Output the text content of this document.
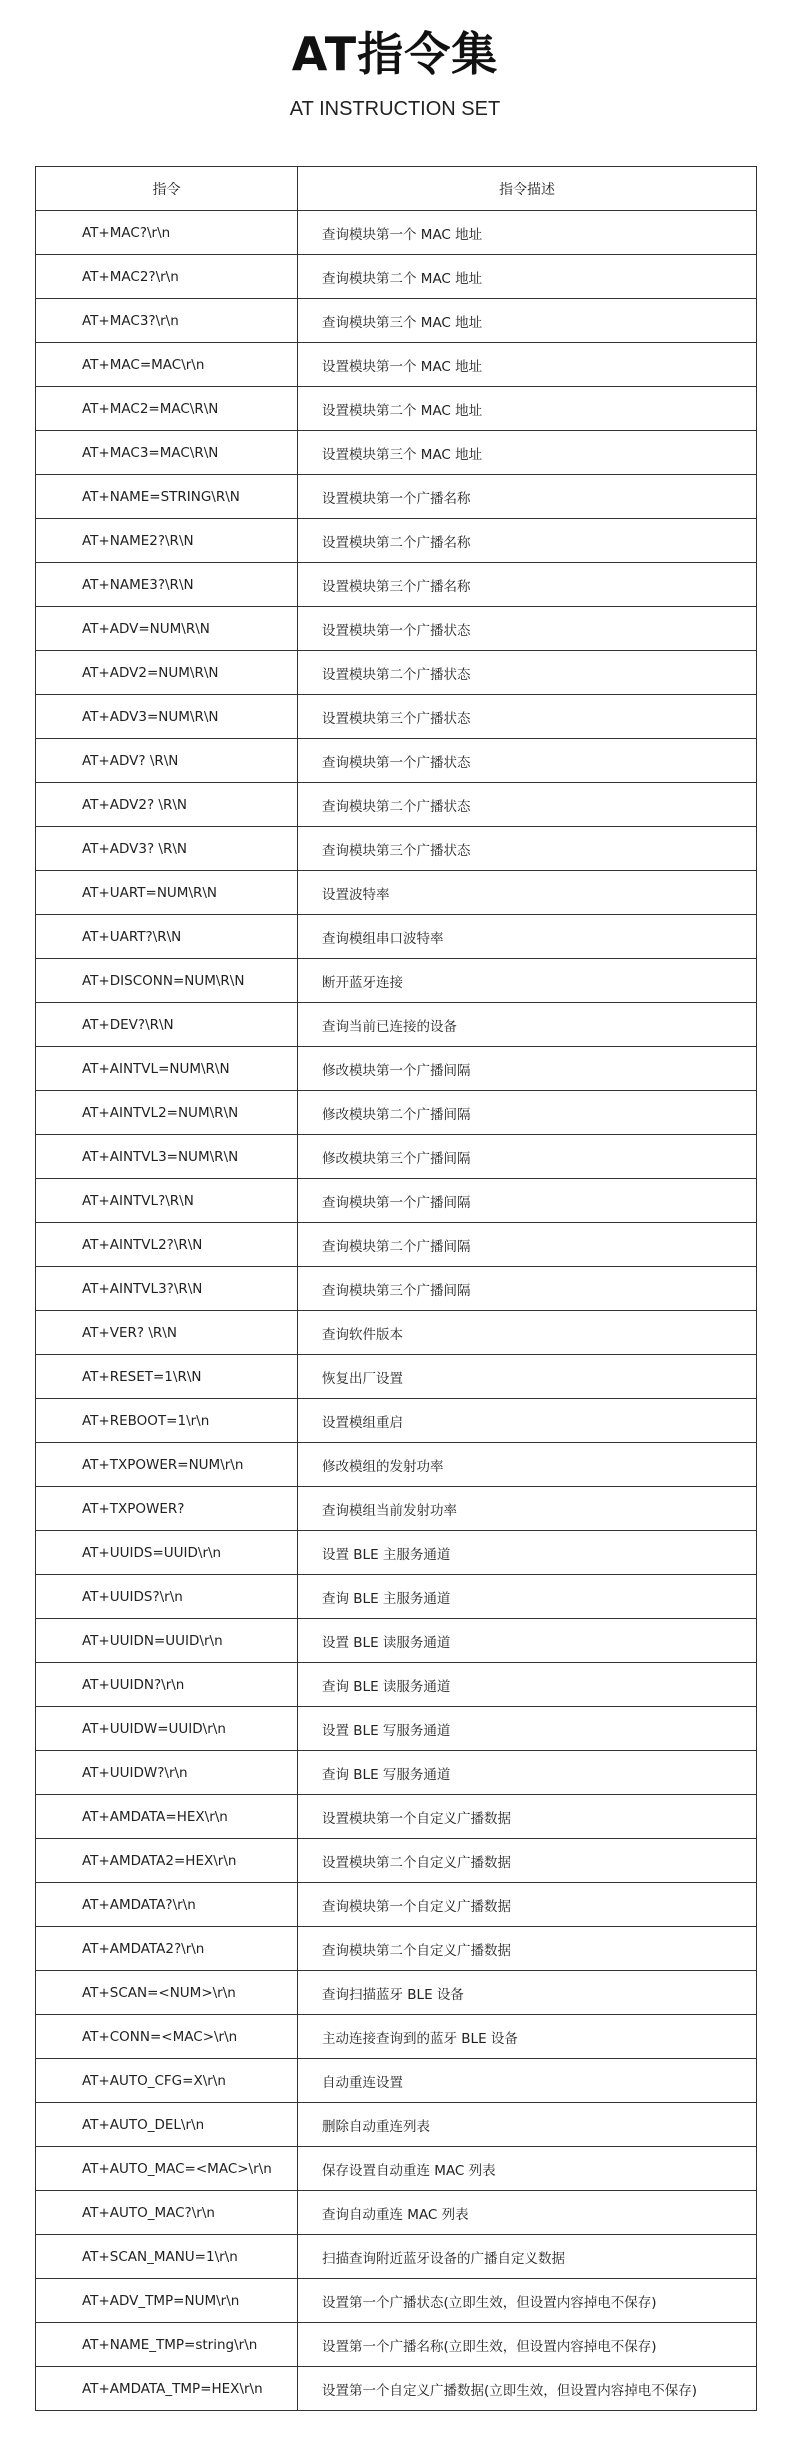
AT指令集
AT INSTRUCTION SET
指令	指令描述
AT+MAC?\r\n	查询模块第一个 MAC 地址
AT+MAC2?\r\n	查询模块第二个 MAC 地址
AT+MAC3?\r\n	查询模块第三个 MAC 地址
AT+MAC=MAC\r\n	设置模块第一个 MAC 地址
AT+MAC2=MAC\R\N	设置模块第二个 MAC 地址
AT+MAC3=MAC\R\N	设置模块第三个 MAC 地址
AT+NAME=STRING\R\N	设置模块第一个广播名称
AT+NAME2?\R\N	设置模块第二个广播名称
AT+NAME3?\R\N	设置模块第三个广播名称
AT+ADV=NUM\R\N	设置模块第一个广播状态
AT+ADV2=NUM\R\N	设置模块第二个广播状态
AT+ADV3=NUM\R\N	设置模块第三个广播状态
AT+ADV? \R\N	查询模块第一个广播状态
AT+ADV2? \R\N	查询模块第二个广播状态
AT+ADV3? \R\N	查询模块第三个广播状态
AT+UART=NUM\R\N	设置波特率
AT+UART?\R\N	查询模组串口波特率
AT+DISCONN=NUM\R\N	断开蓝牙连接
AT+DEV?\R\N	查询当前已连接的设备
AT+AINTVL=NUM\R\N	修改模块第一个广播间隔
AT+AINTVL2=NUM\R\N	修改模块第二个广播间隔
AT+AINTVL3=NUM\R\N	修改模块第三个广播间隔
AT+AINTVL?\R\N	查询模块第一个广播间隔
AT+AINTVL2?\R\N	查询模块第二个广播间隔
AT+AINTVL3?\R\N	查询模块第三个广播间隔
AT+VER? \R\N	查询软件版本
AT+RESET=1\R\N	恢复出厂设置
AT+REBOOT=1\r\n	设置模组重启
AT+TXPOWER=NUM\r\n	修改模组的发射功率
AT+TXPOWER?	查询模组当前发射功率
AT+UUIDS=UUID\r\n	设置 BLE 主服务通道
AT+UUIDS?\r\n	查询 BLE 主服务通道
AT+UUIDN=UUID\r\n	设置 BLE 读服务通道
AT+UUIDN?\r\n	查询 BLE 读服务通道
AT+UUIDW=UUID\r\n	设置 BLE 写服务通道
AT+UUIDW?\r\n	查询 BLE 写服务通道
AT+AMDATA=HEX\r\n	设置模块第一个自定义广播数据
AT+AMDATA2=HEX\r\n	设置模块第二个自定义广播数据
AT+AMDATA?\r\n	查询模块第一个自定义广播数据
AT+AMDATA2?\r\n	查询模块第二个自定义广播数据
AT+SCAN=<NUM>\r\n	查询扫描蓝牙 BLE 设备
AT+CONN=<MAC>\r\n	主动连接查询到的蓝牙 BLE 设备
AT+AUTO_CFG=X\r\n	自动重连设置
AT+AUTO_DEL\r\n	删除自动重连列表
AT+AUTO_MAC=<MAC>\r\n	保存设置自动重连 MAC 列表
AT+AUTO_MAC?\r\n	查询自动重连 MAC 列表
AT+SCAN_MANU=1\r\n	扫描查询附近蓝牙设备的广播自定义数据
AT+ADV_TMP=NUM\r\n	设置第一个广播状态(立即生效，但设置内容掉电不保存)
AT+NAME_TMP=string\r\n	设置第一个广播名称(立即生效，但设置内容掉电不保存)
AT+AMDATA_TMP=HEX\r\n	设置第一个自定义广播数据(立即生效，但设置内容掉电不保存)
